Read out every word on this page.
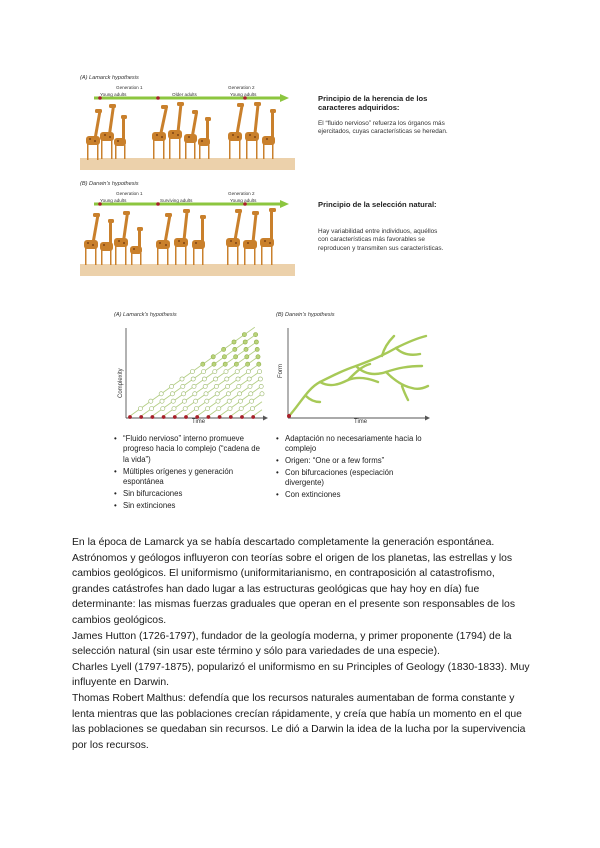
(A) Lamarck hypothesis
Young adults
Generation 1
Older adults
Generation 2
Young adults	Principio de la herencia de los caracteres adquiridos:
El “fluido nervioso” refuerza los órganos más ejercitados, cuyas características se heredan.
(B) Darwin's hypothesis
Young adults
Generation 1
Surviving adults
Generation 2
Young adults	Principio de la selección natural:
Hay variabilidad entre individuos, aquéllos con características más favorables se reproducen y transmiten sus características.
(A) Lamarck's hypothesis
Complexity
Time
• “Fluido nervioso” interno promueve progreso hacia lo complejo (“cadena de la vida”)
• Múltiples orígenes y generación espontánea
• Sin bifurcaciones
• Sin extinciones
(B) Darwin's hypothesis
Form
Time
• Adaptación no necesariamente hacia lo complejo
• Origen: “One or a few forms”
• Con bifurcaciones (especiación divergente)
• Con extinciones

En la época de Lamarck ya se había descartado completamente la generación espontánea. Astrónomos y geólogos influyeron con teorías sobre el origen de los planetas, las estrellas y los cambios geológicos. El uniformismo (uniformitarianismo, en contraposición al catastrofismo, grandes catástrofes han dado lugar a las estructuras geológicas que hay hoy en día) fue determinante: las mismas fuerzas graduales que operan en el presente son responsables de los cambios geológicos.

James Hutton (1726-1797), fundador de la geología moderna, y primer proponente (1794) de la selección natural (sin usar este término y sólo para variedades de una especie).

Charles Lyell (1797-1875), popularizó el uniformismo en su Principles of Geology (1830-1833). Muy influyente en Darwin.

Thomas Robert Malthus: defendía que los recursos naturales aumentaban de forma constante y lenta mientras que las poblaciones crecían rápidamente, y creía que había un momento en el que las poblaciones se quedaban sin recursos. Le dió a Darwin la idea de la lucha por la supervivencia por los recursos.
